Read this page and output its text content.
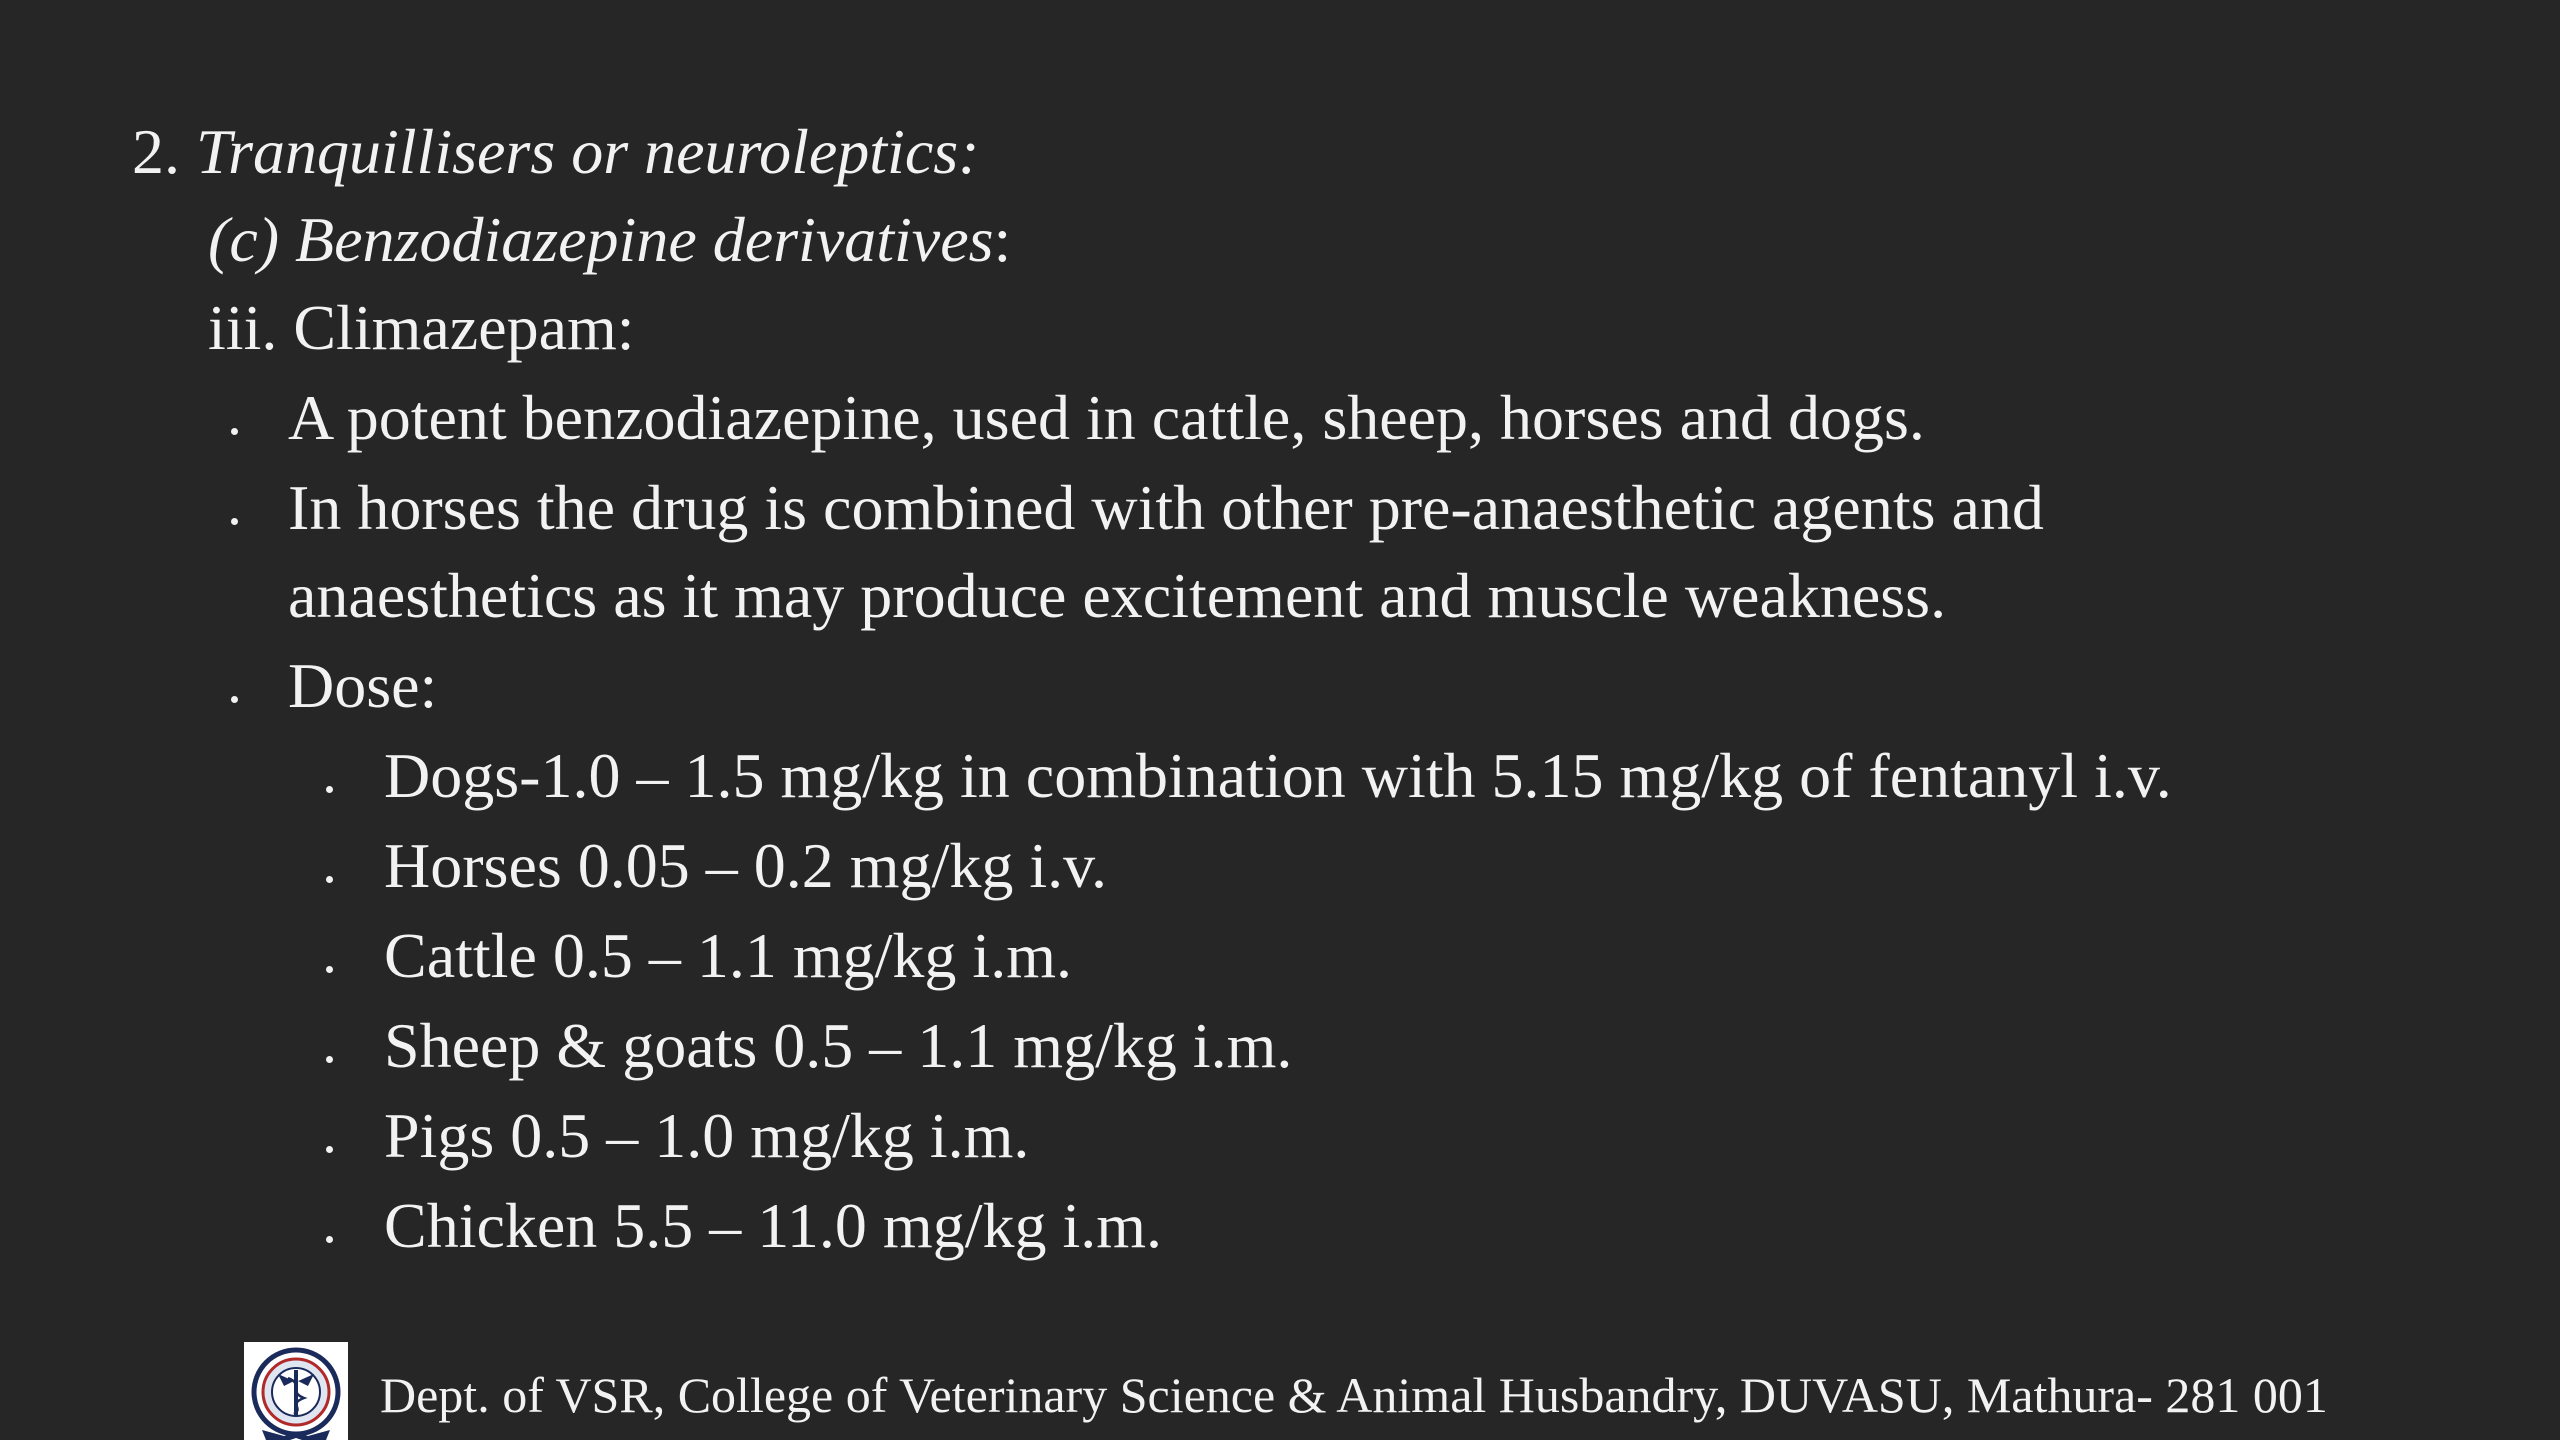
2. Tranquillisers or neuroleptics:
(c) Benzodiazepine derivatives:
iii. Climazepam:
A potent benzodiazepine, used in cattle, sheep, horses and dogs.
In horses the drug is combined with other pre-anaesthetic agents and
anaesthetics as it may produce excitement and muscle weakness.
Dose:
Dogs-1.0 – 1.5 mg/kg in combination with 5.15 mg/kg of fentanyl i.v.
Horses 0.05 – 0.2 mg/kg i.v.
Cattle 0.5 – 1.1 mg/kg i.m.
Sheep & goats 0.5 – 1.1 mg/kg i.m.
Pigs 0.5 – 1.0 mg/kg i.m.
Chicken 5.5 – 11.0 mg/kg i.m.
Dept. of VSR, College of Veterinary Science & Animal Husbandry, DUVASU, Mathura- 281 001
